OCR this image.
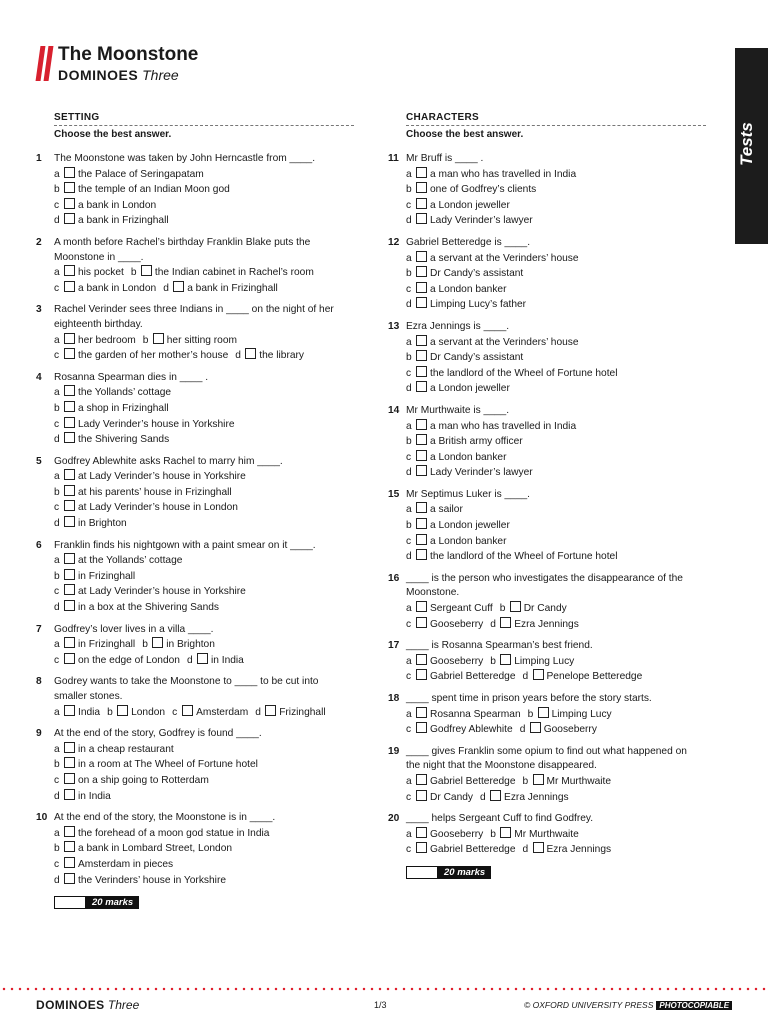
The Moonstone
DOMINOES Three
Tests
SETTING
Choose the best answer.
1 The Moonstone was taken by John Herncastle from ____.
a the Palace of Seringapatam
b the temple of an Indian Moon god
c a bank in London
d a bank in Frizinghall
2 A month before Rachel’s birthday Franklin Blake puts the
Moonstone in ____.
a his pocket b the Indian cabinet in Rachel’s room
c a bank in London d a bank in Frizinghall
3 Rachel Verinder sees three Indians in ____ on the night of her
eighteenth birthday.
a her bedroom b her sitting room
c the garden of her mother’s house d the library
4 Rosanna Spearman dies in ____ .
a the Yollands’ cottage
b a shop in Frizinghall
c Lady Verinder’s house in Yorkshire
d the Shivering Sands
5 Godfrey Ablewhite asks Rachel to marry him ____.
a at Lady Verinder’s house in Yorkshire
b at his parents’ house in Frizinghall
c at Lady Verinder’s house in London
d in Brighton
6 Franklin finds his nightgown with a paint smear on it ____.
a at the Yollands’ cottage
b in Frizinghall
c at Lady Verinder’s house in Yorkshire
d in a box at the Shivering Sands
7 Godfrey’s lover lives in a villa ____.
a in Frizinghall b in Brighton
c on the edge of London d in India
8 Godrey wants to take the Moonstone to ____ to be cut into
smaller stones.
a India b London c Amsterdam d Frizinghall
9 At the end of the story, Godfrey is found ____.
a in a cheap restaurant
b in a room at The Wheel of Fortune hotel
c on a ship going to Rotterdam
d in India
10 At the end of the story, the Moonstone is in ____.
a the forehead of a moon god statue in India
b a bank in Lombard Street, London
c Amsterdam in pieces
d the Verinders’ house in Yorkshire
20 marks
CHARACTERS
Choose the best answer.
11 Mr Bruff is ____ .
a a man who has travelled in India
b one of Godfrey’s clients
c a London jeweller
d Lady Verinder’s lawyer
12 Gabriel Betteredge is ____.
a a servant at the Verinders’ house
b Dr Candy’s assistant
c a London banker
d Limping Lucy’s father
13 Ezra Jennings is ____.
a a servant at the Verinders’ house
b Dr Candy’s assistant
c the landlord of the Wheel of Fortune hotel
d a London jeweller
14 Mr Murthwaite is ____.
a a man who has travelled in India
b a British army officer
c a London banker
d Lady Verinder’s lawyer
15 Mr Septimus Luker is ____.
a a sailor
b a London jeweller
c a London banker
d the landlord of the Wheel of Fortune hotel
16 ____ is the person who investigates the disappearance of the
Moonstone.
a Sergeant Cuff b Dr Candy
c Gooseberry d Ezra Jennings
17 ____ is Rosanna Spearman’s best friend.
a Gooseberry b Limping Lucy
c Gabriel Betteredge d Penelope Betteredge
18 ____ spent time in prison years before the story starts.
a Rosanna Spearman b Limping Lucy
c Godfrey Ablewhite d Gooseberry
19 ____ gives Franklin some opium to find out what happened on
the night that the Moonstone disappeared.
a Gabriel Betteredge b Mr Murthwaite
c Dr Candy d Ezra Jennings
20 ____ helps Sergeant Cuff to find Godfrey.
a Gooseberry b Mr Murthwaite
c Gabriel Betteredge d Ezra Jennings
20 marks
DOMINOES Three	1/3	© OXFORD UNIVERSITY PRESS PHOTOCOPIABLE
